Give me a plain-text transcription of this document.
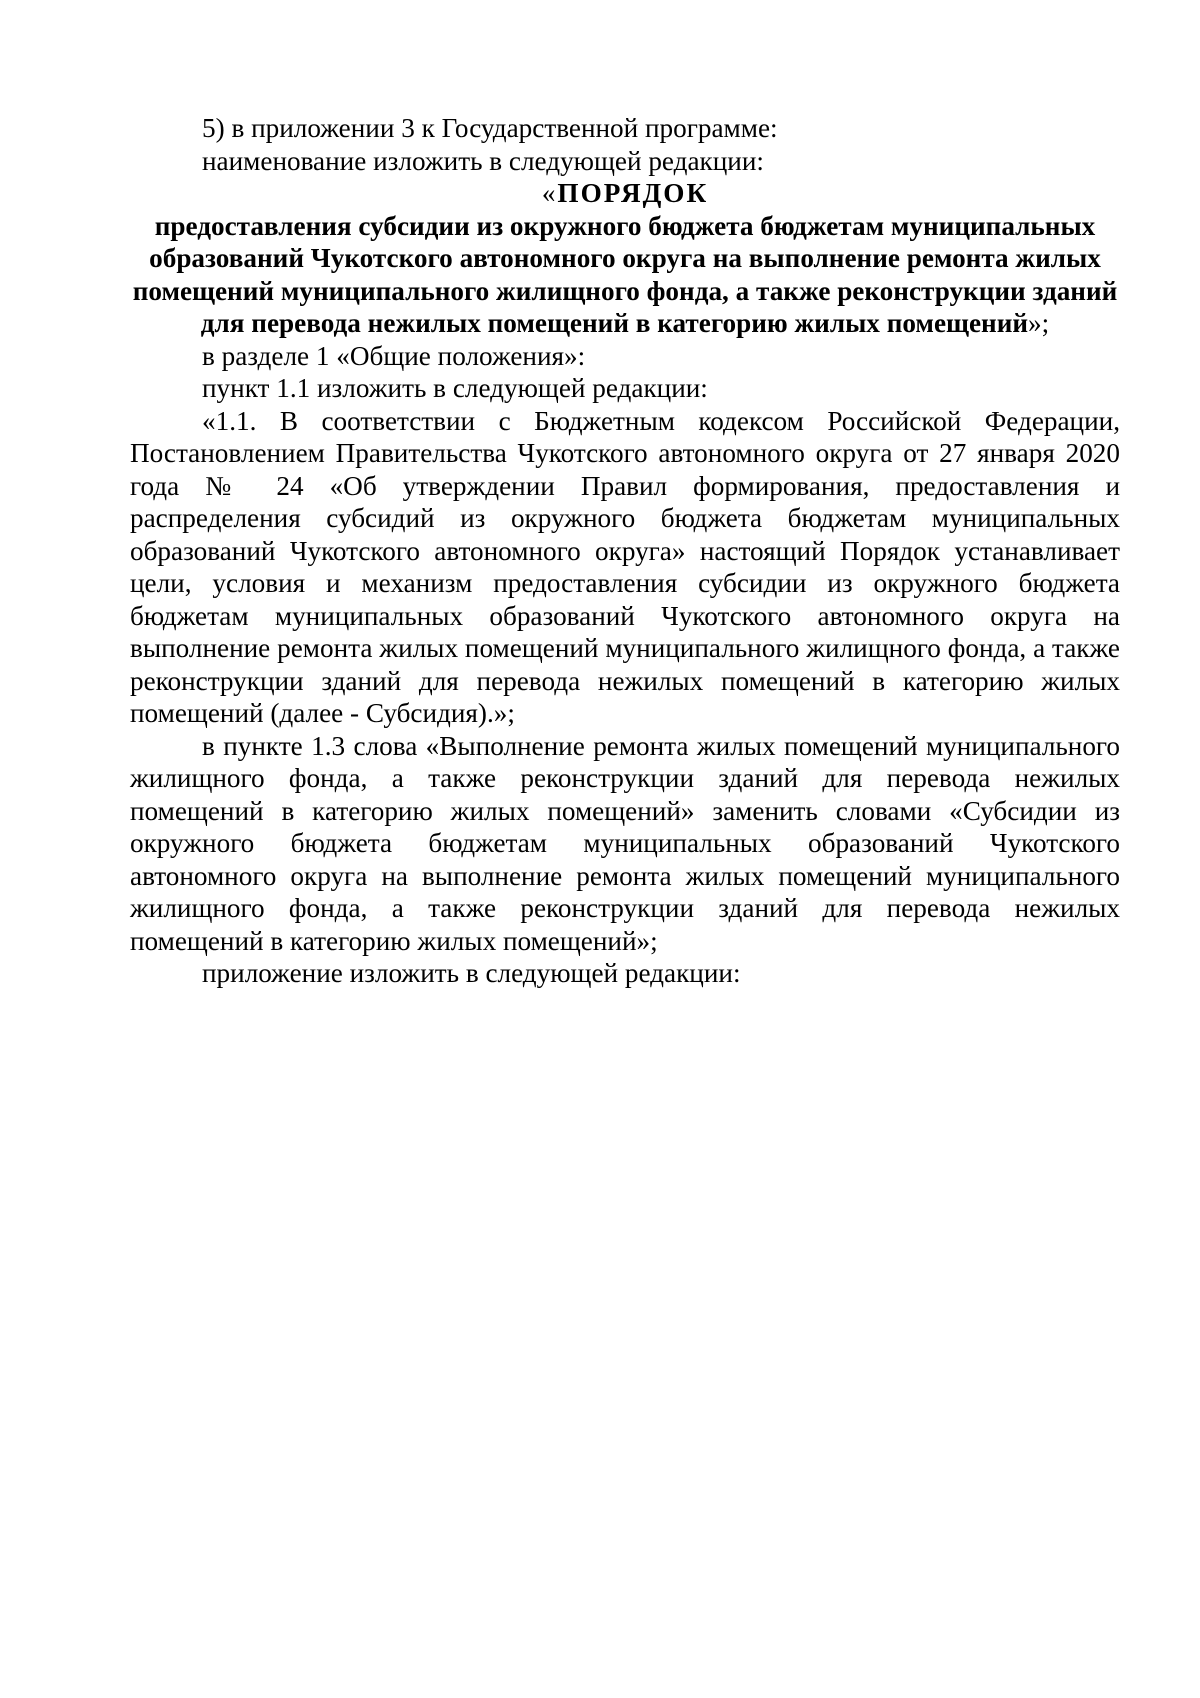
5) в приложении 3 к Государственной программе:

наименование изложить в следующей редакции:

«ПОРЯДОК

предоставления субсидии из окружного бюджета бюджетам муниципальных образований Чукотского автономного округа на выполнение ремонта жилых помещений муниципального жилищного фонда, а также реконструкции зданий для перевода нежилых помещений в категорию жилых помещений»;

в разделе 1 «Общие положения»:

пункт 1.1 изложить в следующей редакции:

«1.1. В соответствии с Бюджетным кодексом Российской Федерации, Постановлением Правительства Чукотского автономного округа от 27 января 2020 года № 24 «Об утверждении Правил формирования, предоставления и распределения субсидий из окружного бюджета бюджетам муниципальных образований Чукотского автономного округа» настоящий Порядок устанавливает цели, условия и механизм предоставления субсидии из окружного бюджета бюджетам муниципальных образований Чукотского автономного округа на выполнение ремонта жилых помещений муниципального жилищного фонда, а также реконструкции зданий для перевода нежилых помещений в категорию жилых помещений (далее - Субсидия).»;

в пункте 1.3 слова «Выполнение ремонта жилых помещений муниципального жилищного фонда, а также реконструкции зданий для перевода нежилых помещений в категорию жилых помещений» заменить словами «Субсидии из окружного бюджета бюджетам муниципальных образований Чукотского автономного округа на выполнение ремонта жилых помещений муниципального жилищного фонда, а также реконструкции зданий для перевода нежилых помещений в категорию жилых помещений»;

приложение изложить в следующей редакции:
